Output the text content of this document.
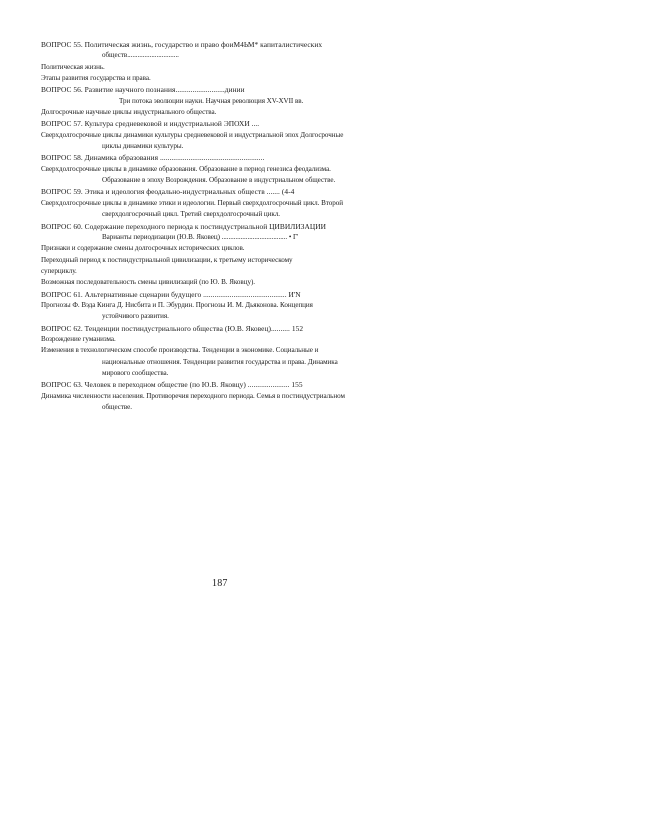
ВОПРОС 55. Политическая жизнь, государство и право фоиМ4ЬМ* капиталистических
обществ..............................
Политическая жизнь.
Этапы развития государства и права.
ВОПРОС 56. Развитие научного познания..........................динии
Три потока эволюции науки. Научная революция XV-XVII вв.
Долгосрочные научные циклы индустриального общества.
ВОПРОС 57. Культура средневековой и индустриальной ЭПОХИ ....
Сверхдолгосрочные циклы динамики культуры средневековой и индустриальной эпох Долгосрочные
циклы динамики культуры.
ВОПРОС 58. Динамика образования .......................................................
Сверхдолгосрочные циклы в динамике образования. Образование в период генезиса феодализма.
Образование в эпоху Возрождения. Образование в индустриальном обществе.
ВОПРОС 59. Этика и идеология феодально-индустриальных обществ ....... (4-4
Сверхдолгосрочные циклы в динамике этики и идеологии. Первый сверхдолгосрочный цикл. Второй
сверхдолгосрочный цикл. Третий сверхдолгосрочный цикл.
ВОПРОС 60. Содержание переходного периода к постиндустриальной ЦИВИЛИЗАЦИИ
Варианты периодизации (Ю.В. Яковец) ...................................... • Г'
Признаки и содержание смены долгосрочных исторических циклов.
Переходный период к постиндустриальной цивилизации, к третьему историческому
суперциклу.
Возможная последовательность смены цивилизаций (по Ю. В. Яковцу).
ВОПРОС 61. Альтернативные сценарии будущего ............................................ И'N
Прогнозы Ф. Вэда Кинга Д. Нисбита и П. Эбурдин. Прогнозы И. М. Дьяконова. Концепция
устойчивого развития.
ВОПРОС 62. Тенденции постиндустриального общества (Ю.В. Яковец).......... 152
Возрождение гуманизма.
Изменения в технологическом способе производства. Тенденции в экономике. Социальные и
национальные отношения. Тенденции развития государства и права. Динамика
мирового сообщества.
ВОПРОС 63. Человек в переходном обществе (по Ю.В. Яковцу) ...................... 155
Динамика численности населения. Противоречия переходного периода. Семья в постиндустриальном
обществе.
187
